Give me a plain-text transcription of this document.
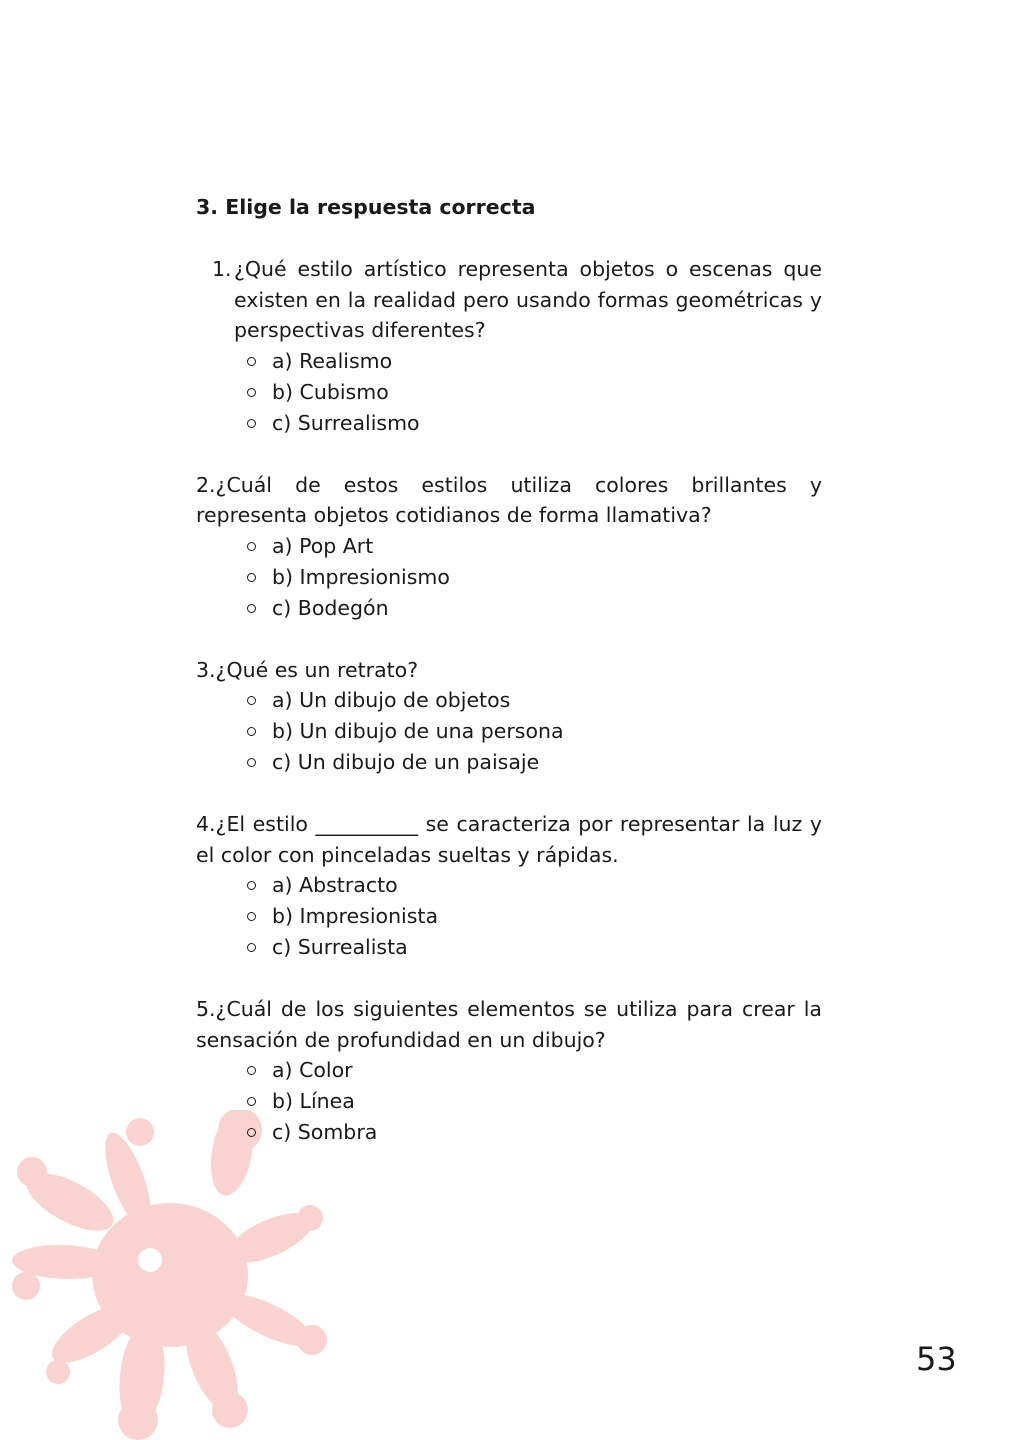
3. Elige la respuesta correcta

1. ¿Qué estilo artístico representa objetos o escenas que existen en la realidad pero usando formas geométricas y perspectivas diferentes?

a) Realismo
b) Cubismo
c) Surrealismo

2.¿Cuál de estos estilos utiliza colores brillantes y representa objetos cotidianos de forma llamativa?

a) Pop Art
b) Impresionismo
c) Bodegón

3.¿Qué es un retrato?

a) Un dibujo de objetos
b) Un dibujo de una persona
c) Un dibujo de un paisaje

4.¿El estilo __________ se caracteriza por representar la luz y el color con pinceladas sueltas y rápidas.

a) Abstracto
b) Impresionista
c) Surrealista

5.¿Cuál de los siguientes elementos se utiliza para crear la sensación de profundidad en un dibujo?

a) Color
b) Línea
c) Sombra
53
